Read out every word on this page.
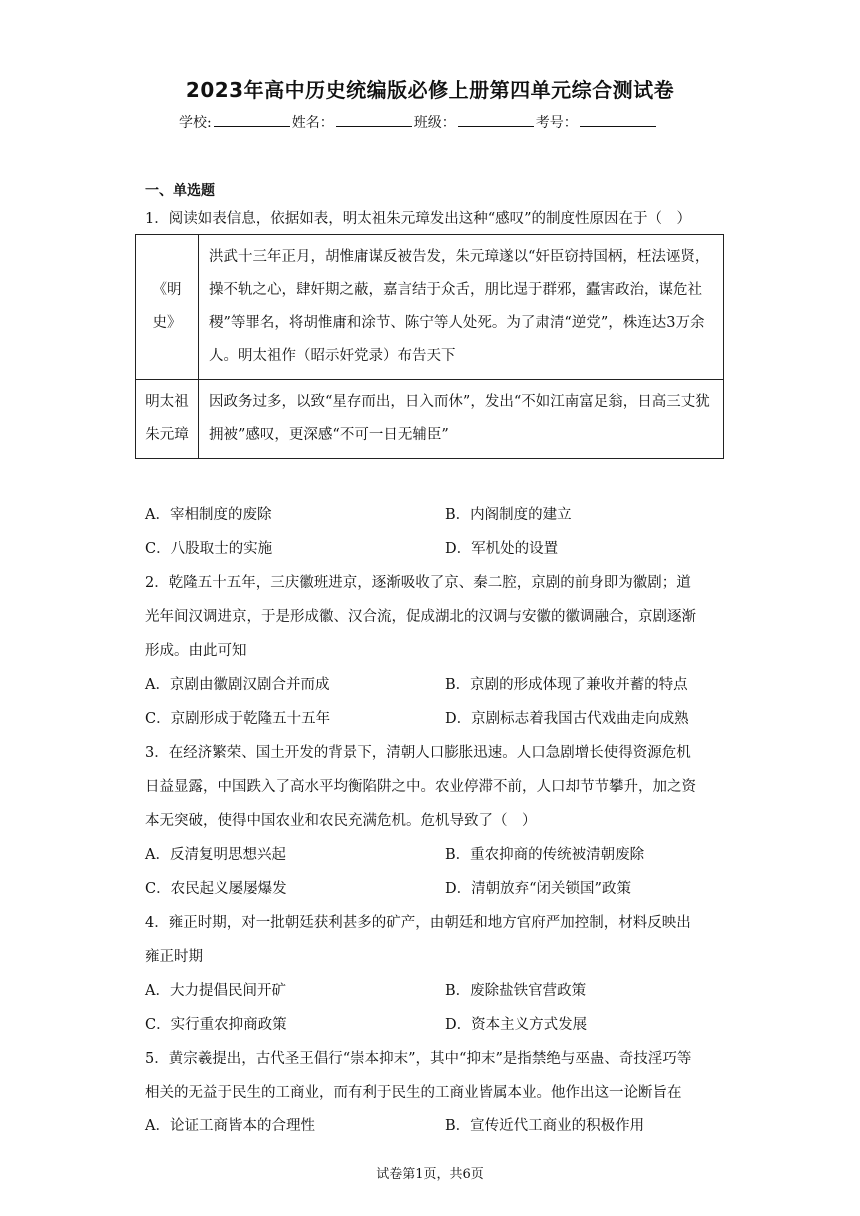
2023年高中历史统编版必修上册第四单元综合测试卷
学校:	姓名：	班级：	考号：
一、单选题
1．阅读如表信息，依据如表，明太祖朱元璋发出这种“感叹”的制度性原因在于（　）
《明
史》	洪武十三年正月，胡惟庸谋反被告发，朱元璋遂以“奸臣窃持国柄，枉法诬贤，操不轨之心，肆奸期之蔽，嘉言结于众舌，朋比逞于群邪，蠹害政治，谋危社稷”等罪名，将胡惟庸和涂节、陈宁等人处死。为了肃清“逆党”，株连达3万余人。明太祖作（昭示奸党录）布告天下

明太祖
朱元璋	因政务过多，以致“星存而出，日入而休”，发出“不如江南富足翁，日高三丈犹拥被”感叹，更深感“不可一日无辅臣”
A．宰相制度的废除	B．内阁制度的建立
C．八股取士的实施	D．军机处的设置
2．乾隆五十五年，三庆徽班进京，逐渐吸收了京、秦二腔，京剧的前身即为徽剧；道
光年间汉调进京，于是形成徽、汉合流，促成湖北的汉调与安徽的徽调融合，京剧逐渐
形成。由此可知
A．京剧由徽剧汉剧合并而成	B．京剧的形成体现了兼收并蓄的特点
C．京剧形成于乾隆五十五年	D．京剧标志着我国古代戏曲走向成熟
3．在经济繁荣、国土开发的背景下，清朝人口膨胀迅速。人口急剧增长使得资源危机
日益显露，中国跌入了高水平均衡陷阱之中。农业停滞不前，人口却节节攀升，加之资
本无突破，使得中国农业和农民充满危机。危机导致了（　）
A．反清复明思想兴起	B．重农抑商的传统被清朝废除
C．农民起义屡屡爆发	D．清朝放弃“闭关锁国”政策
4．雍正时期，对一批朝廷获利甚多的矿产，由朝廷和地方官府严加控制，材料反映出
雍正时期
A．大力提倡民间开矿	B．废除盐铁官营政策
C．实行重农抑商政策	D．资本主义方式发展
5．黄宗羲提出，古代圣王倡行“崇本抑末”，其中“抑末”是指禁绝与巫蛊、奇技淫巧等
相关的无益于民生的工商业，而有利于民生的工商业皆属本业。他作出这一论断旨在
A．论证工商皆本的合理性	B．宣传近代工商业的积极作用
试卷第1页，共6页
